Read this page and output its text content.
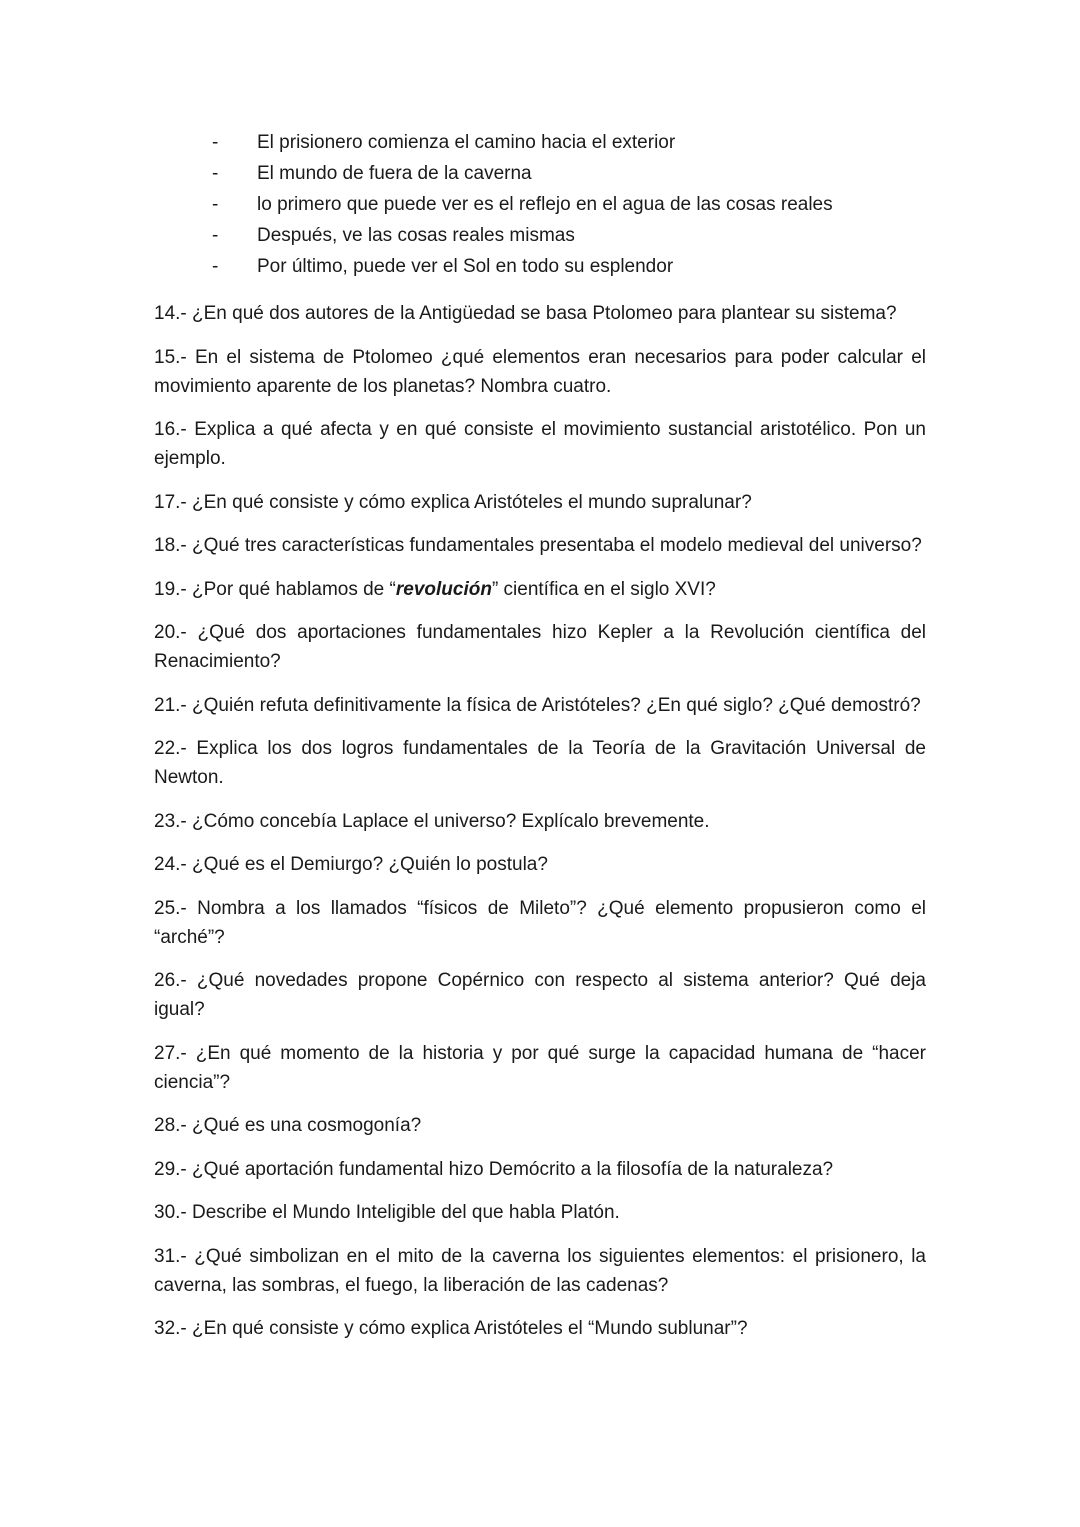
-	El prisionero comienza el camino hacia el exterior
-	El mundo de fuera de la caverna
-	lo primero que puede ver es el reflejo en el agua de las cosas reales
-	Después, ve las cosas reales mismas
-	Por último, puede ver el Sol en todo su esplendor

14.- ¿En qué dos autores de la Antigüedad se basa Ptolomeo para plantear su sistema?

15.- En el sistema de Ptolomeo ¿qué elementos eran necesarios para poder calcular el movimiento aparente de los planetas? Nombra cuatro.

16.- Explica a qué afecta y en qué consiste el movimiento sustancial aristotélico. Pon un ejemplo.

17.- ¿En qué consiste y cómo explica Aristóteles el mundo supralunar?

18.- ¿Qué tres características fundamentales presentaba el modelo medieval del universo?

19.- ¿Por qué hablamos de “revolución” científica en el siglo XVI?

20.- ¿Qué dos aportaciones fundamentales hizo Kepler a la Revolución científica del Renacimiento?

21.- ¿Quién refuta definitivamente la física de Aristóteles? ¿En qué siglo? ¿Qué demostró?

22.- Explica los dos logros fundamentales de la Teoría de la Gravitación Universal de Newton.

23.- ¿Cómo concebía Laplace el universo? Explícalo brevemente.

24.- ¿Qué es el Demiurgo? ¿Quién lo postula?

25.- Nombra a los llamados “físicos de Mileto”? ¿Qué elemento propusieron como el “arché”?

26.- ¿Qué novedades propone Copérnico con respecto al sistema anterior? Qué deja igual?

27.- ¿En qué momento de la historia y por qué surge la capacidad humana de “hacer ciencia”?

28.- ¿Qué es una cosmogonía?

29.- ¿Qué aportación fundamental hizo Demócrito a la filosofía de la naturaleza?

30.- Describe el Mundo Inteligible del que habla Platón.

31.- ¿Qué simbolizan en el mito de la caverna los siguientes elementos: el prisionero, la caverna, las sombras, el fuego, la liberación de las cadenas?

32.- ¿En qué consiste y cómo explica Aristóteles el “Mundo sublunar”?
